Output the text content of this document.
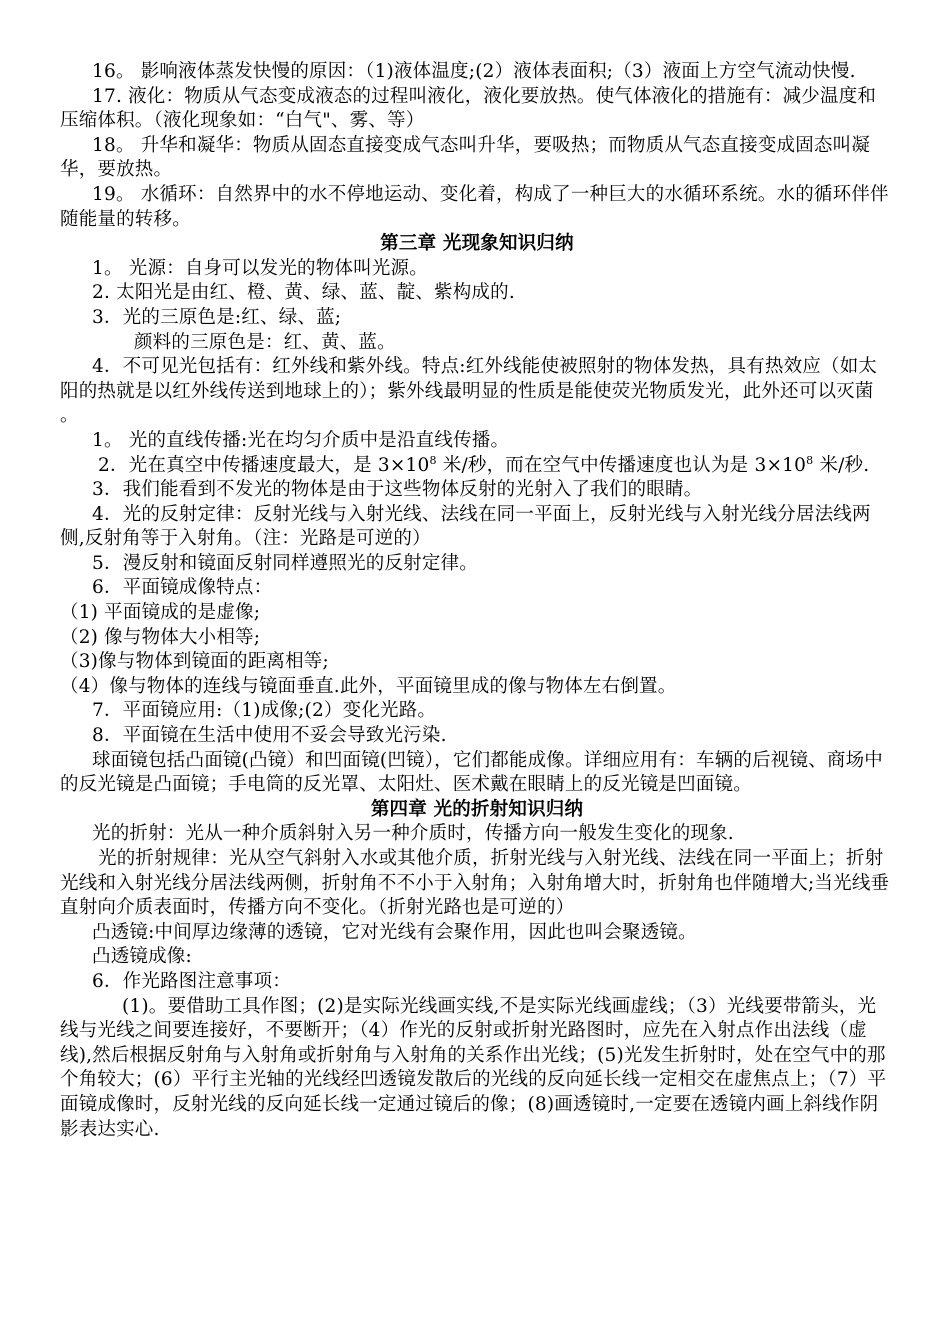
16。 影响液体蒸发快慢的原因：（1)液体温度;(2）液体表面积;（3）液面上方空气流动快慢.

17. 液化：物质从气态变成液态的过程叫液化，液化要放热。使气体液化的措施有：减少温度和压缩体积。（液化现象如：“白气"、雾、等）

18。 升华和凝华：物质从固态直接变成气态叫升华，要吸热；而物质从气态直接变成固态叫凝华，要放热。

19。 水循环：自然界中的水不停地运动、变化着，构成了一种巨大的水循环系统。水的循环伴伴随能量的转移。

第三章 光现象知识归纳

1。 光源：自身可以发光的物体叫光源。

2. 太阳光是由红、橙、黄、绿、蓝、靛、紫构成的.

3．光的三原色是:红、绿、蓝;

颜料的三原色是：红、黄、蓝。

4．不可见光包括有：红外线和紫外线。特点:红外线能使被照射的物体发热，具有热效应（如太阳的热就是以红外线传送到地球上的）；紫外线最明显的性质是能使荧光物质发光，此外还可以灭菌 。

1。 光的直线传播:光在均匀介质中是沿直线传播。

2．光在真空中传播速度最大，是 $3\times 10^8$ 米/秒，而在空气中传播速度也认为是 $3\times 10^8$ 米/秒.

3．我们能看到不发光的物体是由于这些物体反射的光射入了我们的眼睛。

4．光的反射定律：反射光线与入射光线、法线在同一平面上，反射光线与入射光线分居法线两侧,反射角等于入射角。（注：光路是可逆的）

5．漫反射和镜面反射同样遵照光的反射定律。

6．平面镜成像特点：

（1) 平面镜成的是虚像;

（2) 像与物体大小相等;

（3)像与物体到镜面的距离相等;

（4）像与物体的连线与镜面垂直.此外，平面镜里成的像与物体左右倒置。

7．平面镜应用:（1)成像;(2）变化光路。

8．平面镜在生活中使用不妥会导致光污染.

球面镜包括凸面镜(凸镜）和凹面镜(凹镜），它们都能成像。详细应用有：车辆的后视镜、商场中的反光镜是凸面镜；手电筒的反光罩、太阳灶、医术戴在眼睛上的反光镜是凹面镜。

第四章 光的折射知识归纳

光的折射：光从一种介质斜射入另一种介质时，传播方向一般发生变化的现象.

光的折射规律：光从空气斜射入水或其他介质，折射光线与入射光线、法线在同一平面上；折射光线和入射光线分居法线两侧，折射角不不小于入射角；入射角增大时，折射角也伴随增大;当光线垂直射向介质表面时，传播方向不变化。（折射光路也是可逆的）

凸透镜:中间厚边缘薄的透镜，它对光线有会聚作用，因此也叫会聚透镜。

凸透镜成像:

6．作光路图注意事项：

(1)。要借助工具作图；(2)是实际光线画实线,不是实际光线画虚线；（3）光线要带箭头，光线与光线之间要连接好，不要断开；（4）作光的反射或折射光路图时，应先在入射点作出法线（虚线),然后根据反射角与入射角或折射角与入射角的关系作出光线；(5)光发生折射时，处在空气中的那个角较大；(6）平行主光轴的光线经凹透镜发散后的光线的反向延长线一定相交在虚焦点上；（7）平面镜成像时，反射光线的反向延长线一定通过镜后的像；(8)画透镜时,一定要在透镜内画上斜线作阴影表达实心.
